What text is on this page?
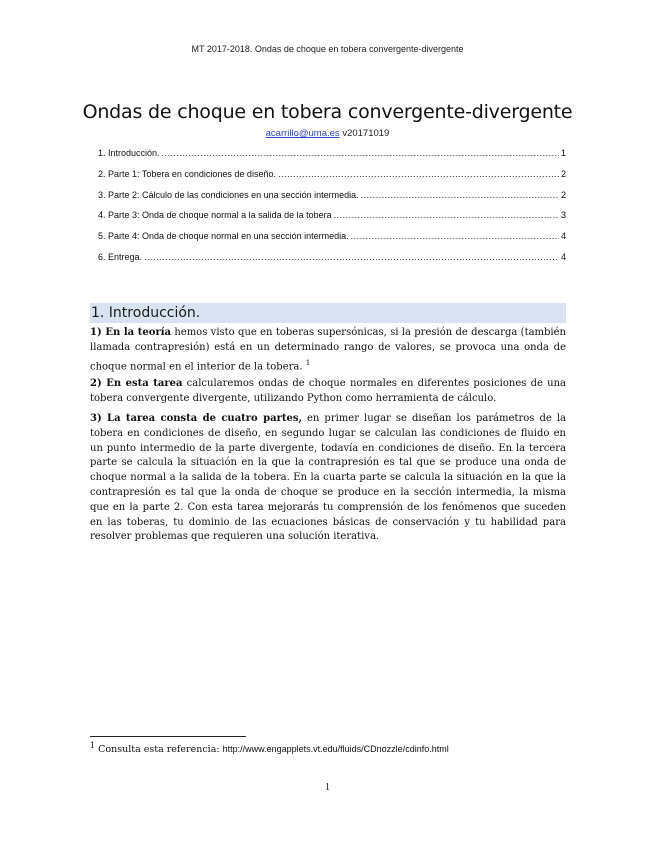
MT 2017-2018. Ondas de choque en tobera convergente-divergente
Ondas de choque en tobera convergente-divergente
acarrillo@uma.es v20171019
1. Introducción. .....	1
2. Parte 1: Tobera en condiciones de diseño. .....	2
3. Parte 2: Cálculo de las condiciones en una sección intermedia. .....	2
4. Parte 3: Onda de choque normal a la salida de la tobera .....	3
5. Parte 4: Onda de choque normal en una sección intermedia. .....	4
6. Entrega. .....	4
1. Introducción.
1) En la teoría hemos visto que en toberas supersónicas, si la presión de descarga (también llamada contrapresión) está en un determinado rango de valores, se provoca una onda de choque normal en el interior de la tobera. $^1$
2) En esta tarea calcularemos ondas de choque normales en diferentes posiciones de una tobera convergente divergente, utilizando Python como herramienta de cálculo.
3) La tarea consta de cuatro partes, en primer lugar se diseñan los parámetros de la tobera en condiciones de diseño, en segundo lugar se calculan las condiciones de fluido en un punto intermedio de la parte divergente, todavía en condiciones de diseño. En la tercera parte se calcula la situación en la que la contrapresión es tal que se produce una onda de choque normal a la salida de la tobera. En la cuarta parte se calcula la situación en la que la contrapresión es tal que la onda de choque se produce en la sección intermedia, la misma que en la parte 2. Con esta tarea mejorarás tu comprensión de los fenómenos que suceden en las toberas, tu dominio de las ecuaciones básicas de conservación y tu habilidad para resolver problemas que requieren una solución iterativa.
$^1$ Consulta esta referencia: http://www.engapplets.vt.edu/fluids/CDnozzle/cdinfo.html
1
